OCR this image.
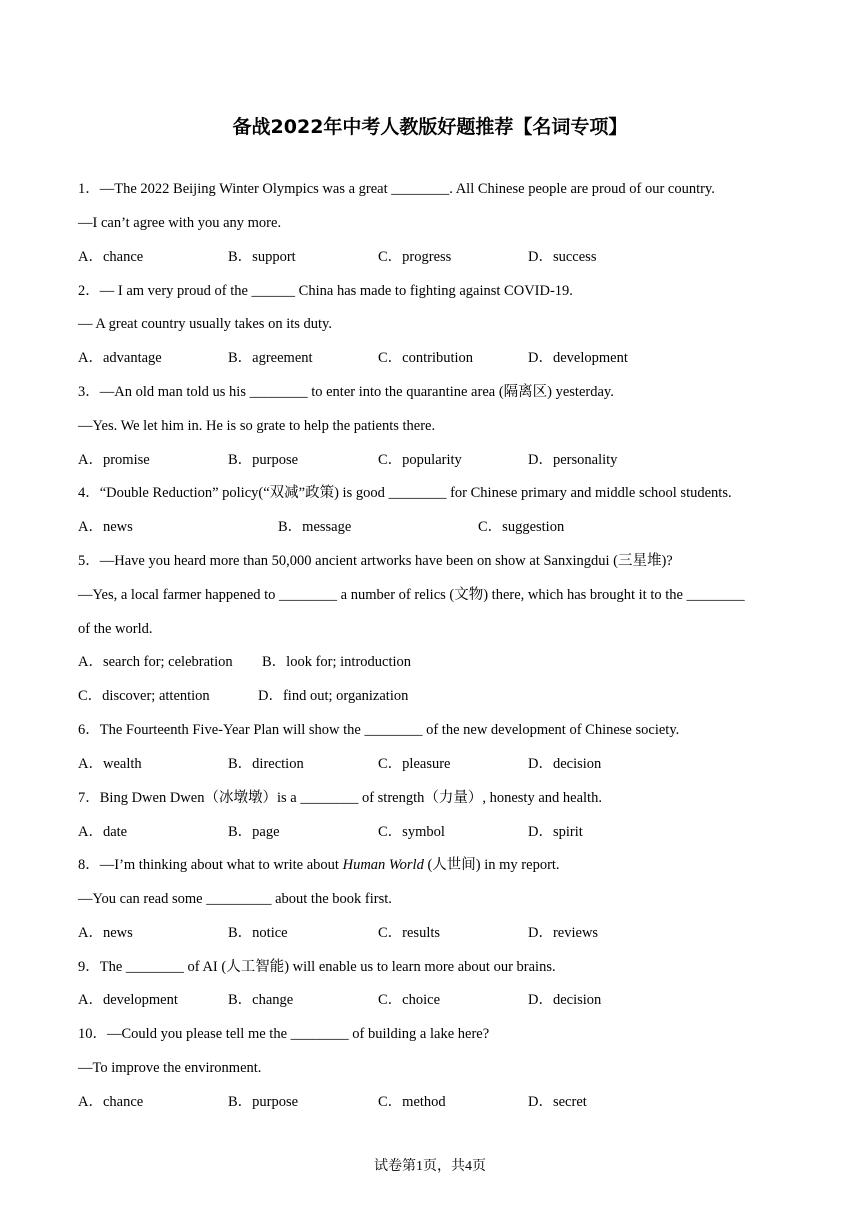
备战2022年中考人教版好题推荐【名词专项】
1．—The 2022 Beijing Winter Olympics was a great ________. All Chinese people are proud of our country.
—I can’t agree with you any more.
A．chance	B．support	C．progress	D．success
2．— I am very proud of the ______ China has made to fighting against COVID-19.
— A great country usually takes on its duty.
A．advantage	B．agreement	C．contribution	D．development
3．—An old man told us his ________ to enter into the quarantine area (隔离区) yesterday.
—Yes. We let him in. He is so grate to help the patients there.
A．promise	B．purpose	C．popularity	D．personality
4．“Double Reduction” policy(“双减”政策) is good ________ for Chinese primary and middle school students.
A．news	B．message	C．suggestion
5．—Have you heard more than 50,000 ancient artworks have been on show at Sanxingdui (三星堆)?
—Yes, a local farmer happened to ________ a number of relics (文物) there, which has brought it to the ________
of the world.
A．search for; celebration B．look for; introduction
C．discover; attention	D．find out; organization
6．The Fourteenth Five-Year Plan will show the ________ of the new development of Chinese society.
A．wealth	B．direction	C．pleasure	D．decision
7．Bing Dwen Dwen（冰墩墩）is a ________ of strength（力量）, honesty and health.
A．date	B．page	C．symbol	D．spirit
8．—I’m thinking about what to write about Human World (人世间) in my report.
—You can read some _________ about the book first.
A．news	B．notice	C．results	D．reviews
9．The ________ of AI (人工智能) will enable us to learn more about our brains.
A．development	B．change	C．choice	D．decision
10．—Could you please tell me the ________ of building a lake here?
—To improve the environment.
A．chance	B．purpose	C．method	D．secret
试卷第1页，共4页
